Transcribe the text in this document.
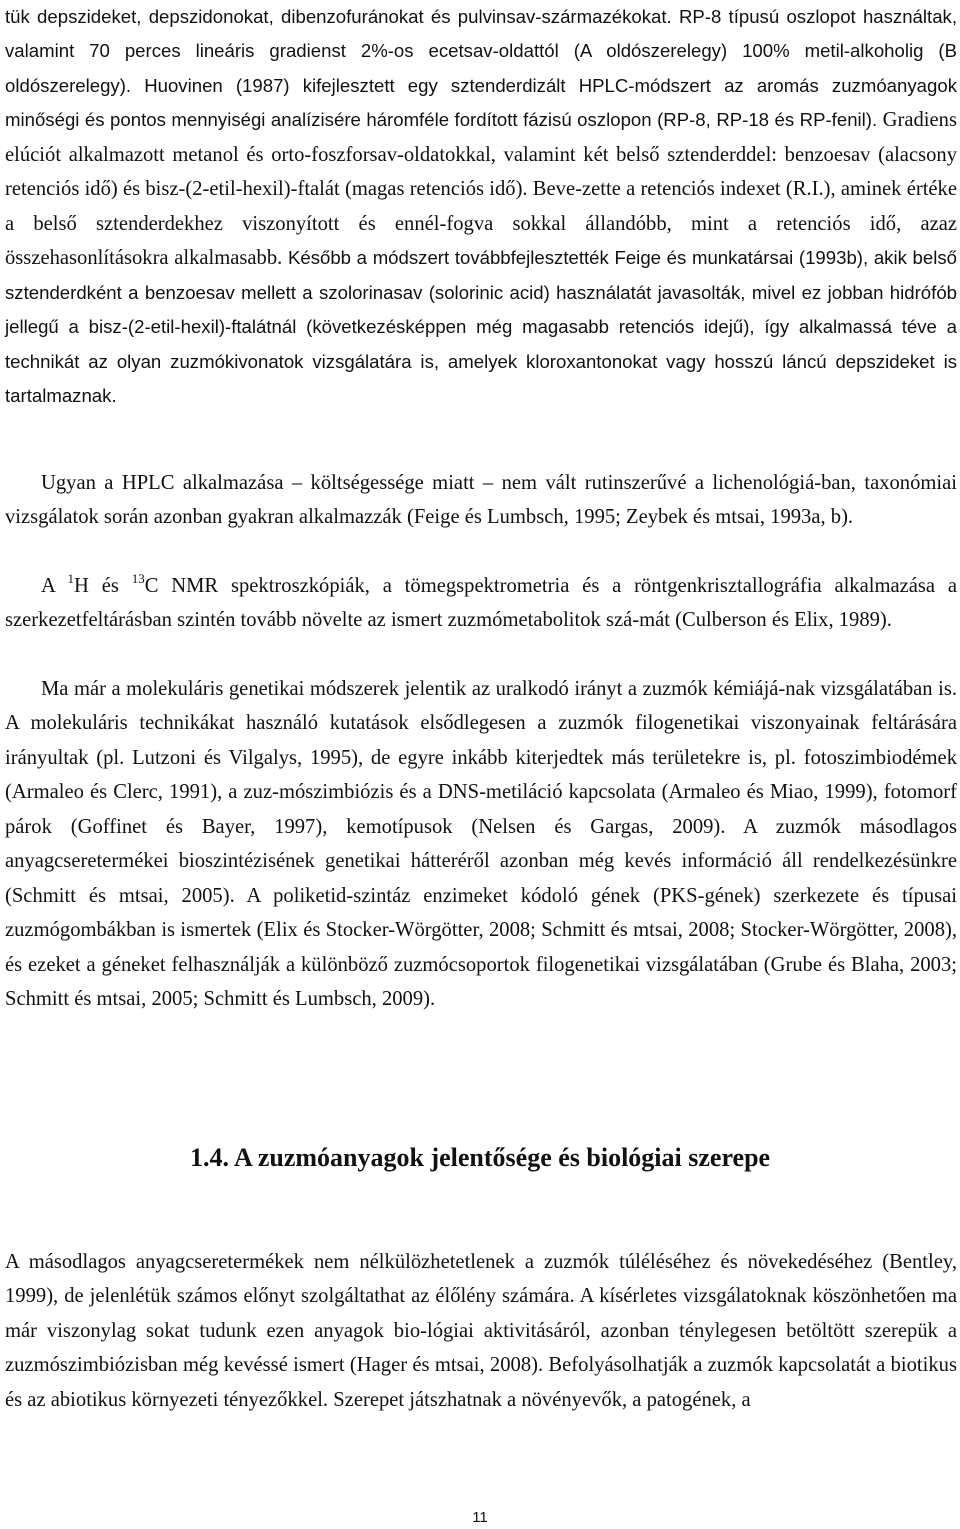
tük depszideket, depszidonokat, dibenzofuránokat és pulvinsav-származékokat. RP-8 típusú oszlopot használtak, valamint 70 perces lineáris gradienst 2%-os ecetsav-oldattól (A oldószerelegy) 100% metil-alkoholig (B oldószerelegy). Huovinen (1987) kifejlesztett egy sztenderdizált HPLC-módszert az aromás zuzmóanyagok minőségi és pontos mennyiségi analízisére háromféle fordított fázisú oszlopon (RP-8, RP-18 és RP-fenil). Gradiens elúciót alkalmazott metanol és orto-foszforsav-oldatokkal, valamint két belső sztenderddel: benzoesav (alacsony retenciós idő) és bisz-(2-etil-hexil)-ftalát (magas retenciós idő). Beve-zette a retenciós indexet (R.I.), aminek értéke a belső sztenderdekhez viszonyított és ennél-fogva sokkal állandóbb, mint a retenciós idő, azaz összehasonlításokra alkalmasabb. Később a módszert továbbfejlesztették Feige és munkatársai (1993b), akik belső sztenderdként a benzoesav mellett a szolorinasav (solorinic acid) használatát javasolták, mivel ez jobban hidrófób jellegű a bisz-(2-etil-hexil)-ftalátnál (következésképpen még magasabb retenciós idejű), így alkalmassá téve a technikát az olyan zuzmókivonatok vizsgálatára is, amelyek kloroxantonokat vagy hosszú láncú depszideket is tartalmaznak.

Ugyan a HPLC alkalmazása – költségessége miatt – nem vált rutinszerűvé a lichenológiá-ban, taxonómiai vizsgálatok során azonban gyakran alkalmazzák (Feige és Lumbsch, 1995; Zeybek és mtsai, 1993a, b).

A $^1$H és $^{13}$C NMR spektroszkópiák, a tömegspektrometria és a röntgenkrisztallográfia alkalmazása a szerkezetfeltárásban szintén tovább növelte az ismert zuzmómetabolitok szá-mát (Culberson és Elix, 1989).

Ma már a molekuláris genetikai módszerek jelentik az uralkodó irányt a zuzmók kémiájá-nak vizsgálatában is. A molekuláris technikákat használó kutatások elsődlegesen a zuzmók filogenetikai viszonyainak feltárására irányultak (pl. Lutzoni és Vilgalys, 1995), de egyre inkább kiterjedtek más területekre is, pl. fotoszimbiodémek (Armaleo és Clerc, 1991), a zuz-mószimbiózis és a DNS-metiláció kapcsolata (Armaleo és Miao, 1999), fotomorf párok (Goffinet és Bayer, 1997), kemotípusok (Nelsen és Gargas, 2009). A zuzmók másodlagos anyagcseretermékei bioszintézisének genetikai hátteréről azonban még kevés információ áll rendelkezésünkre (Schmitt és mtsai, 2005). A poliketid-szintáz enzimeket kódoló gének (PKS-gének) szerkezete és típusai zuzmógombákban is ismertek (Elix és Stocker-Wörgötter, 2008; Schmitt és mtsai, 2008; Stocker-Wörgötter, 2008), és ezeket a géneket felhasználják a különböző zuzmócsoportok filogenetikai vizsgálatában (Grube és Blaha, 2003; Schmitt és mtsai, 2005; Schmitt és Lumbsch, 2009).

1.4. A zuzmóanyagok jelentősége és biológiai szerepe

A másodlagos anyagcseretermékek nem nélkülözhetetlenek a zuzmók túléléséhez és növekedéséhez (Bentley, 1999), de jelenlétük számos előnyt szolgáltathat az élőlény számára. A kísérletes vizsgálatoknak köszönhetően ma már viszonylag sokat tudunk ezen anyagok bio-lógiai aktivitásáról, azonban ténylegesen betöltött szerepük a zuzmószimbiózisban még kevéssé ismert (Hager és mtsai, 2008). Befolyásolhatják a zuzmók kapcsolatát a biotikus és az abiotikus környezeti tényezőkkel. Szerepet játszhatnak a növényevők, a patogének, a

11
